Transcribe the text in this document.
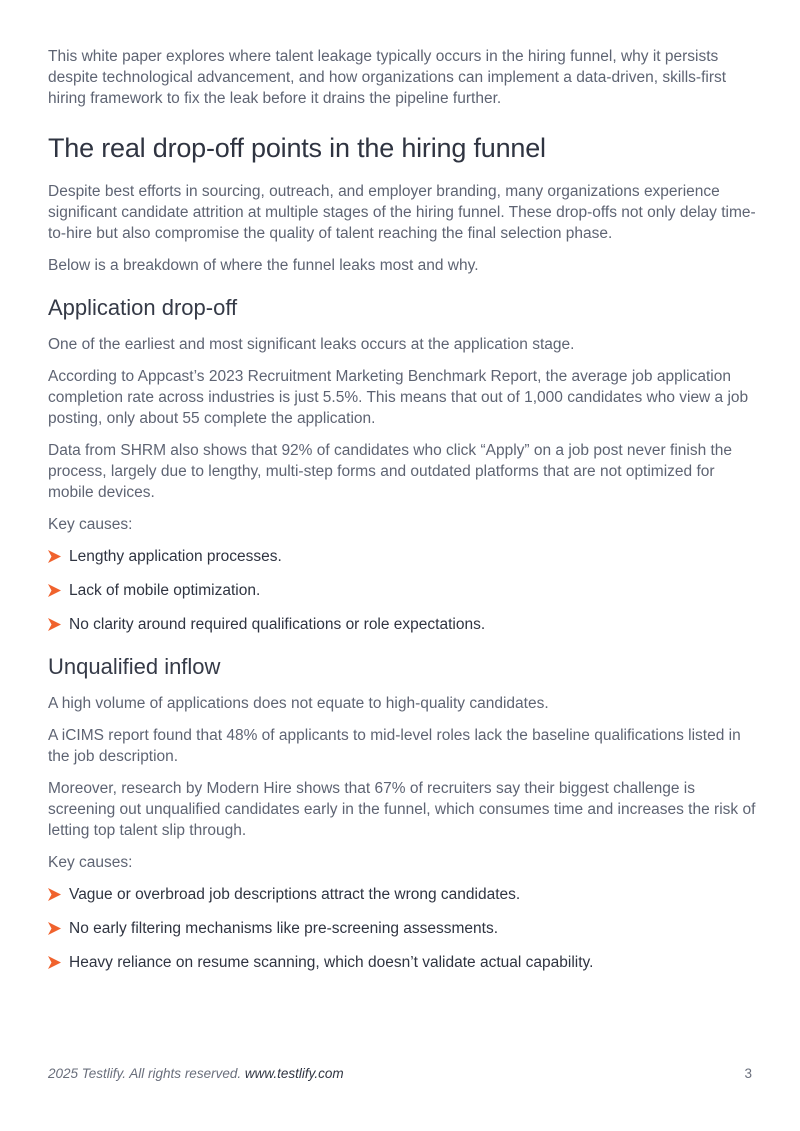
This white paper explores where talent leakage typically occurs in the hiring funnel, why it persists despite technological advancement, and how organizations can implement a data-driven, skills-first hiring framework to fix the leak before it drains the pipeline further.

The real drop-off points in the hiring funnel

Despite best efforts in sourcing, outreach, and employer branding, many organizations experience significant candidate attrition at multiple stages of the hiring funnel. These drop-offs not only delay time-to-hire but also compromise the quality of talent reaching the final selection phase.

Below is a breakdown of where the funnel leaks most and why.

Application drop-off

One of the earliest and most significant leaks occurs at the application stage.

According to Appcast’s 2023 Recruitment Marketing Benchmark Report, the average job application completion rate across industries is just 5.5%. This means that out of 1,000 candidates who view a job posting, only about 55 complete the application.

Data from SHRM also shows that 92% of candidates who click “Apply” on a job post never finish the process, largely due to lengthy, multi-step forms and outdated platforms that are not optimized for mobile devices.

Key causes:

Lengthy application processes.
Lack of mobile optimization.
No clarity around required qualifications or role expectations.
Unqualified inflow

A high volume of applications does not equate to high-quality candidates.

A iCIMS report found that 48% of applicants to mid-level roles lack the baseline qualifications listed in the job description.

Moreover, research by Modern Hire shows that 67% of recruiters say their biggest challenge is screening out unqualified candidates early in the funnel, which consumes time and increases the risk of letting top talent slip through.

Key causes:

Vague or overbroad job descriptions attract the wrong candidates.
No early filtering mechanisms like pre-screening assessments.
Heavy reliance on resume scanning, which doesn’t validate actual capability.
2025 Testlify. All rights reserved. www.testlify.com	3
